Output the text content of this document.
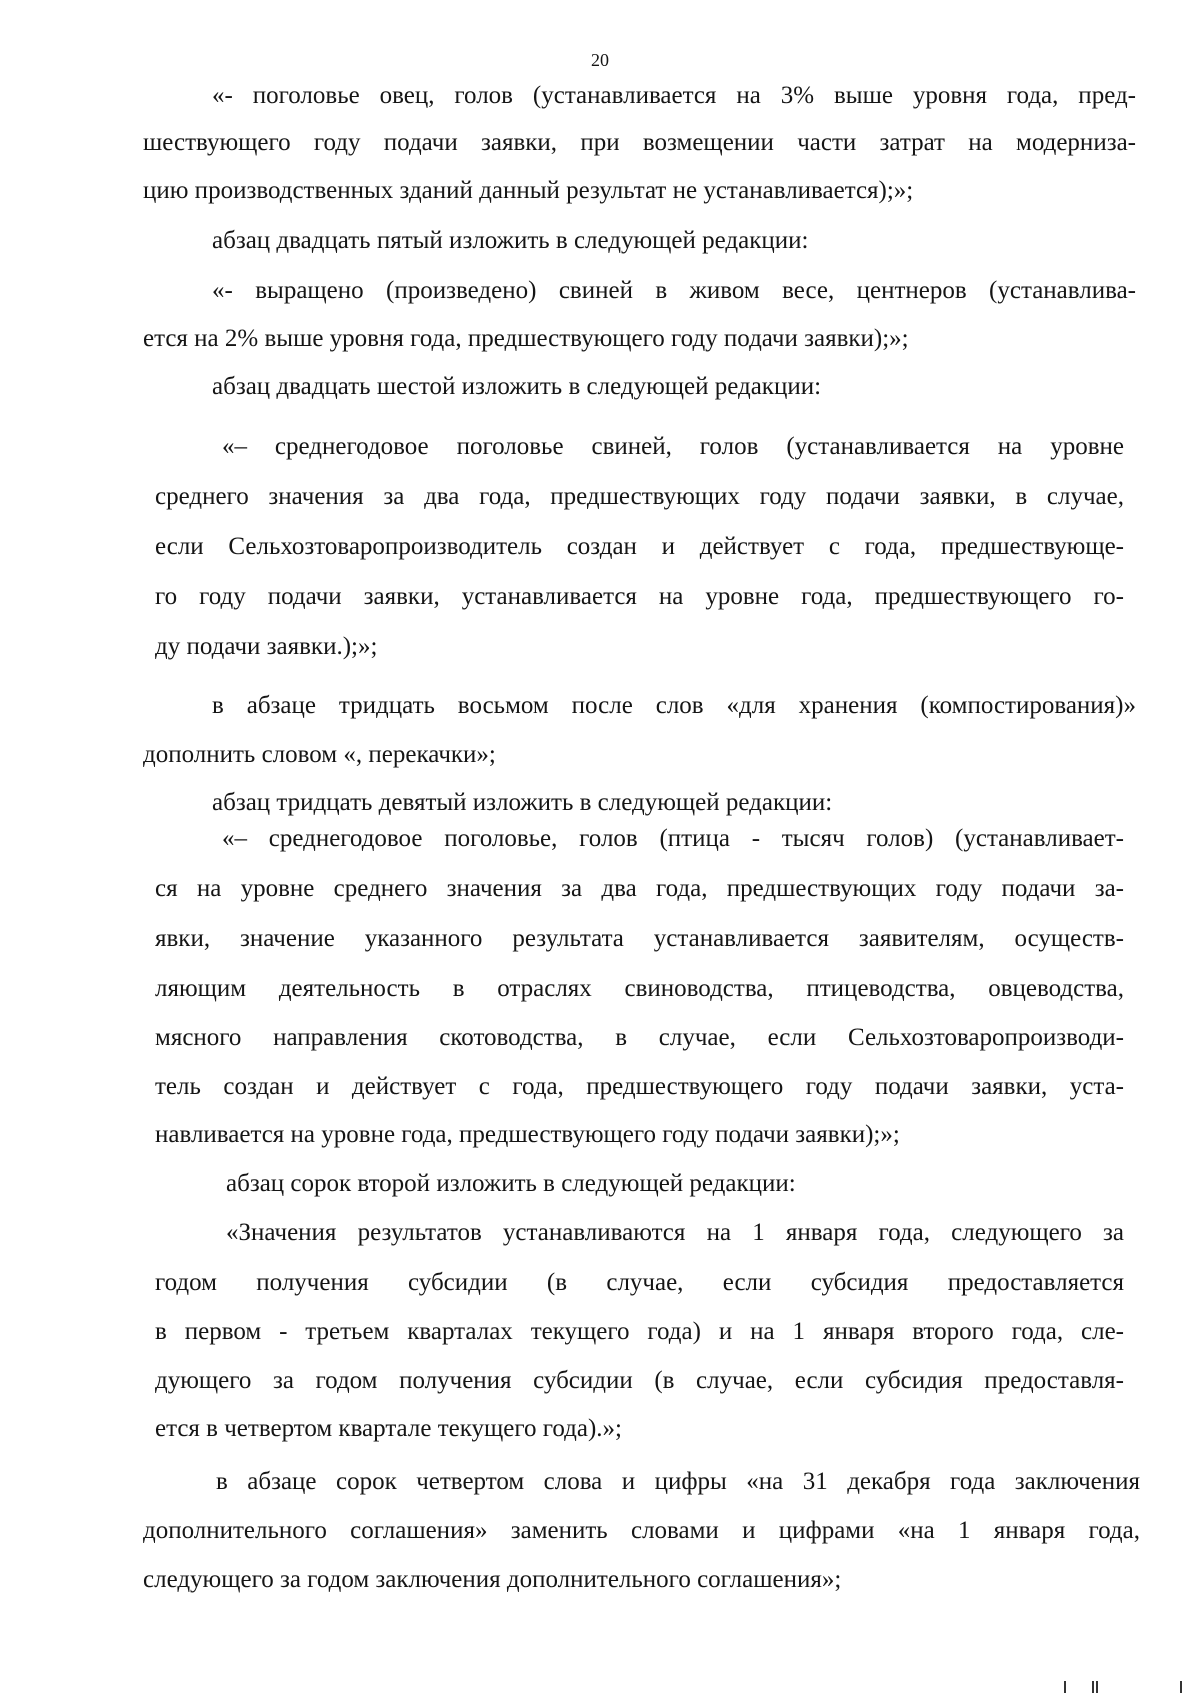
20
«- поголовье овец, голов (устанавливается на 3% выше уровня года, пред-
шествующего году подачи заявки, при возмещении части затрат на модерниза-
цию производственных зданий данный результат не устанавливается);»;
абзац двадцать пятый изложить в следующей редакции:
«- выращено (произведено) свиней в живом весе, центнеров (устанавлива-
ется на 2% выше уровня года, предшествующего году подачи заявки);»;
абзац двадцать шестой изложить в следующей редакции:
«– среднегодовое поголовье свиней, голов (устанавливается на уровне
среднего значения за два года, предшествующих году подачи заявки, в случае,
если Сельхозтоваропроизводитель создан и действует с года, предшествующе-
го году подачи заявки, устанавливается на уровне года, предшествующего го-
ду подачи заявки.);»;
в абзаце тридцать восьмом после слов «для хранения (компостирования)»
дополнить словом «, перекачки»;
абзац тридцать девятый изложить в следующей редакции:
«– среднегодовое поголовье, голов (птица - тысяч голов) (устанавливает-
ся на уровне среднего значения за два года, предшествующих году подачи за-
явки, значение указанного результата устанавливается заявителям, осуществ-
ляющим деятельность в отраслях свиноводства, птицеводства, овцеводства,
мясного направления скотоводства, в случае, если Сельхозтоваропроизводи-
тель создан и действует с года, предшествующего году подачи заявки, уста-
навливается на уровне года, предшествующего году подачи заявки);»;
абзац сорок второй изложить в следующей редакции:
«Значения результатов устанавливаются на 1 января года, следующего за
годом получения субсидии (в случае, если субсидия предоставляется
в первом - третьем кварталах текущего года) и на 1 января второго года, сле-
дующего за годом получения субсидии (в случае, если субсидия предоставля-
ется в четвертом квартале текущего года).»;
в абзаце сорок четвертом слова и цифры «на 31 декабря года заключения
дополнительного соглашения» заменить словами и цифрами «на 1 января года,
следующего за годом заключения дополнительного соглашения»;
